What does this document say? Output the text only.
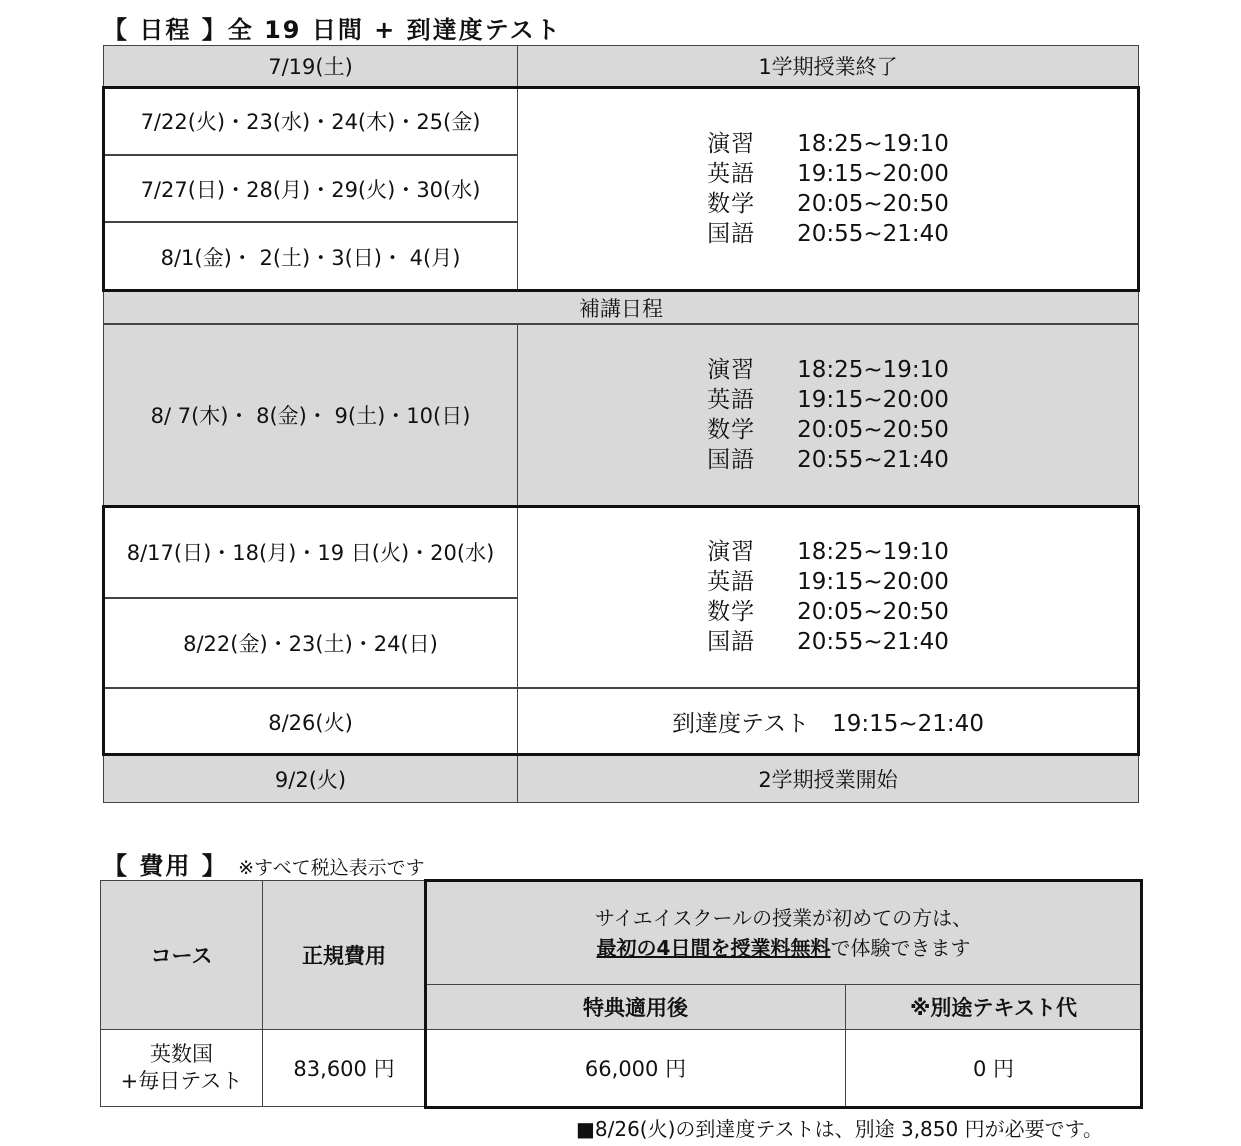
【 日程 】全 19 日間 + 到達度テスト
7/19(土)	1学期授業終了
7/22(火)・23(水)・24(木)・25(金)
7/27(日)・28(月)・29(火)・30(水)
8/1(金)・ 2(土)・3(日)・ 4(月)
演習	18:25~19:10
英語	19:15~20:00
数学	20:05~20:50
国語	20:55~21:40
補講日程
8/ 7(木)・ 8(金)・ 9(土)・10(日)
演習	18:25~19:10
英語	19:15~20:00
数学	20:05~20:50
国語	20:55~21:40
8/17(日)・18(月)・19 日(火)・20(水)
8/22(金)・23(土)・24(日)
演習	18:25~19:10
英語	19:15~20:00
数学	20:05~20:50
国語	20:55~21:40
8/26(火)	到達度テスト　19:15~21:40
9/2(火)	2学期授業開始
【 費用 】 ※すべて税込表示です
コース	正規費用
サイエイスクールの授業が初めての方は、
最初の4日間を授業料無料で体験できます
特典適用後	※別途テキスト代
英数国
+毎日テスト 83,600 円	66,000 円	0 円
■8/26(火)の到達度テストは、別途 3,850 円が必要です。
